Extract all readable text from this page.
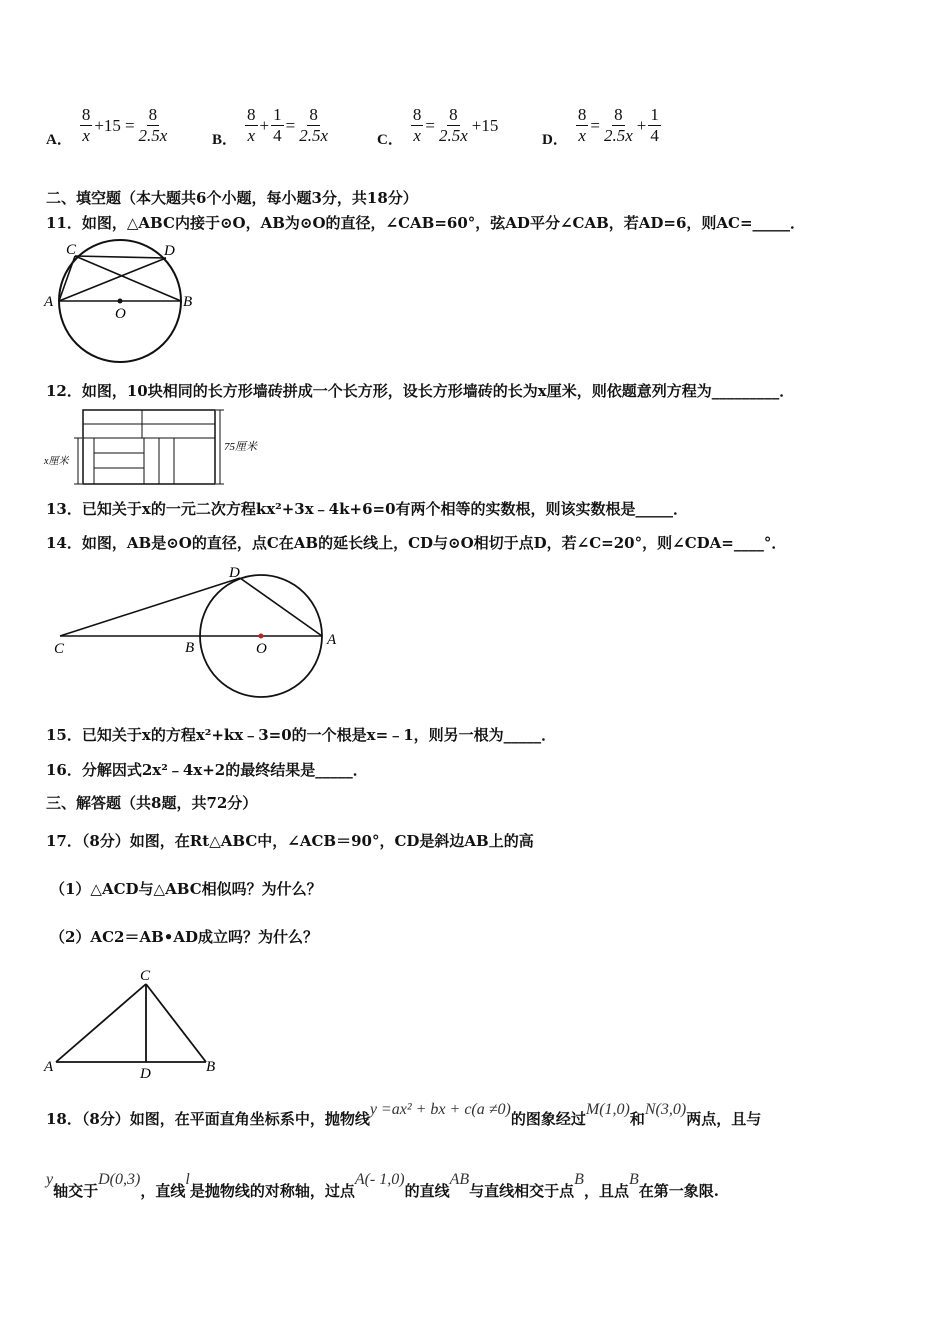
A． $\frac{8}{x} +15 = \frac{8}{2.5x}$	B． $\frac{8}{x} + \frac{1}{4} = \frac{8}{2.5x}$	C． $\frac{8}{x} = \frac{8}{2.5x} +15$
D． $\frac{8}{x} = \frac{8}{2.5x} + \frac{1}{4}$
二、填空题（本大题共6个小题，每小题3分，共18分）
11．如图，△ABC内接于⊙O，AB为⊙O的直径，∠CAB=60°，弦AD平分∠CAB，若AD=6，则AC=_____．
C	D
A	B
O
12．如图，10块相同的长方形墙砖拼成一个长方形，设长方形墙砖的长为x厘米，则依题意列方程为_________．
x厘米
75厘米
13．已知关于x的一元二次方程kx²+3x﹣4k+6=0有两个相等的实数根，则该实数根是_____．
14．如图，AB是⊙O的直径，点C在AB的延长线上，CD与⊙O相切于点D，若∠C=20°，则∠CDA=____°．
C	B	O
A
D
15．已知关于x的方程x²+kx﹣3=0的一个根是x=﹣1，则另一根为_____．
16．分解因式2x²﹣4x+2的最终结果是_____．
三、解答题（共8题，共72分）
17．（8分）如图，在Rt△ABC中，∠ACB＝90°，CD是斜边AB上的高
（1）△ACD与△ABC相似吗？为什么？
（2）AC2＝AB•AD成立吗？为什么？
C
A	D	B
18．（8分）如图，在平面直角坐标系中，抛物线y =ax² + bx + c(a ≠0)的图象经过M(1,0)和N(3,0)两点，且与
y轴交于D(0,3)，直线l是抛物线的对称轴，过点A(- 1,0)的直线AB与直线相交于点B，且点B在第一象限.
